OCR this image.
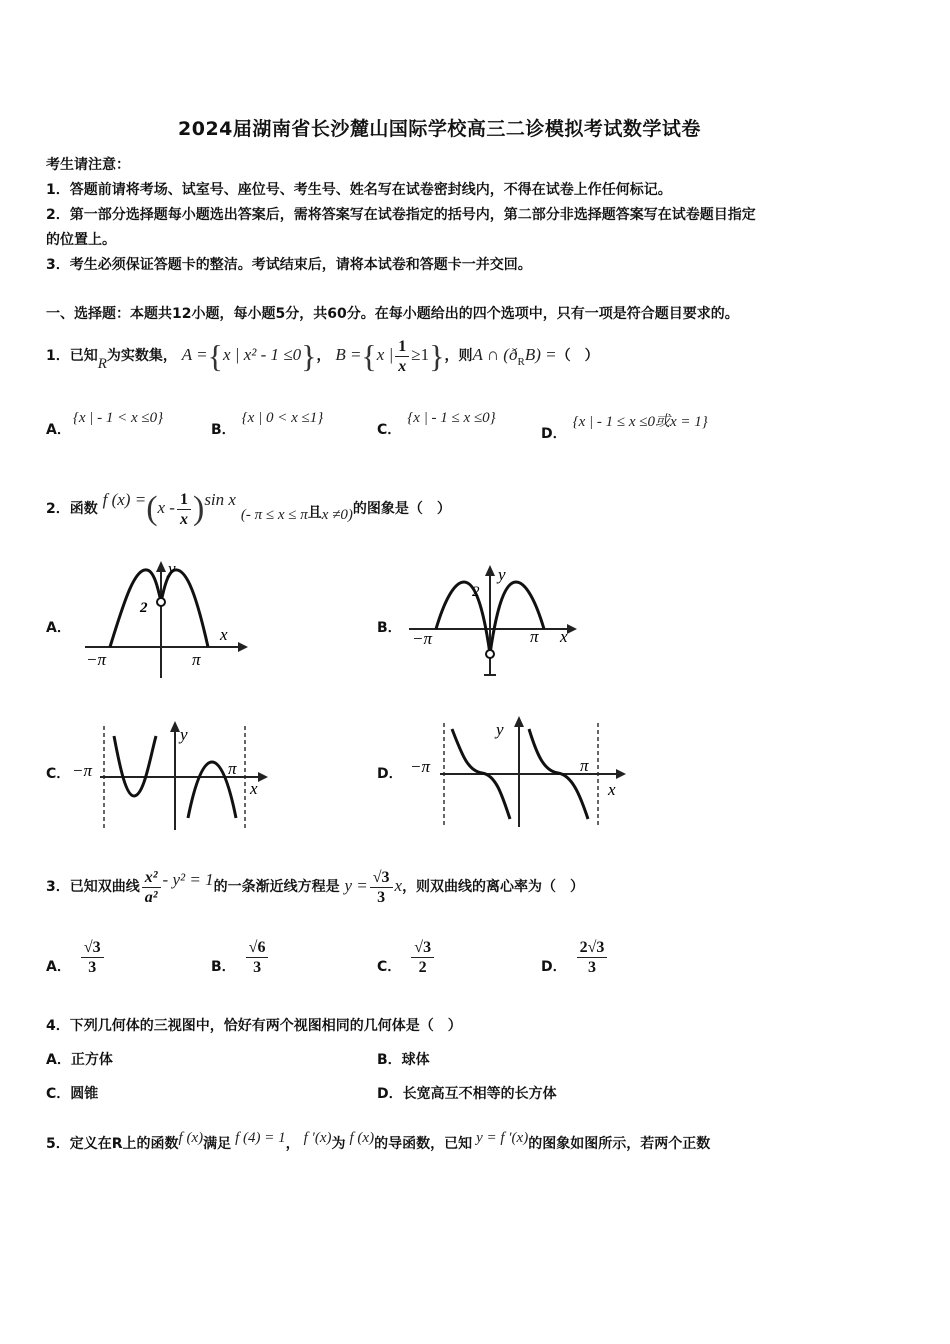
2024届湖南省长沙麓山国际学校高三二诊模拟考试数学试卷
考生请注意：
1．答题前请将考场、试室号、座位号、考生号、姓名写在试卷密封线内，不得在试卷上作任何标记。
2．第一部分选择题每小题选出答案后，需将答案写在试卷指定的括号内，第二部分非选择题答案写在试卷题目指定
的位置上。
3．考生必须保证答题卡的整洁。考试结束后，请将本试卷和答题卡一并交回。
一、选择题：本题共12小题，每小题5分，共60分。在每小题给出的四个选项中，只有一项是符合题目要求的。
1．已知R为实数集， A ={x | x² - 1 ≤0}， B ={x | $\frac{1}{x} \ge 1$}，则A ∩ $(ð_RB)$ =（　）
A．{x | - 1 < x ≤0}
B．{x | 0 < x ≤1}
C．{x | - 1 ≤ x ≤0}
D．{x | - 1 ≤ x ≤0或x = 1}
2．函数 f $(x) =(x - \frac{1}{x} )\sin$ x (- π ≤ x ≤ π且x ≠0)的图象是（　）
A．	B．
C．	D．
2
y
x
−π	π
2
y
x
−π	π
y
x
−π	π
y
x
−π	π
3．已知双曲线 $\frac{\text{x²}}{\text{a²}} - y^2 = 1$的一条渐近线方程是 $y = \frac{√3}{3}$ x，则双曲线的离心率为（　）
A． $\frac{√3}{3}$	B． $\frac{√6}{3}$	C． $\frac{√3}{2}$	D． $\frac{2√3}{3}$
4．下列几何体的三视图中，恰好有两个视图相同的几何体是（　）
A．正方体	B．球体
C．圆锥	D．长宽高互不相等的长方体
5．定义在R上的函数f (x)满足 f (4) = 1， f ′(x)为 f (x)的导函数，已知 y = f ′(x)的图象如图所示，若两个正数
